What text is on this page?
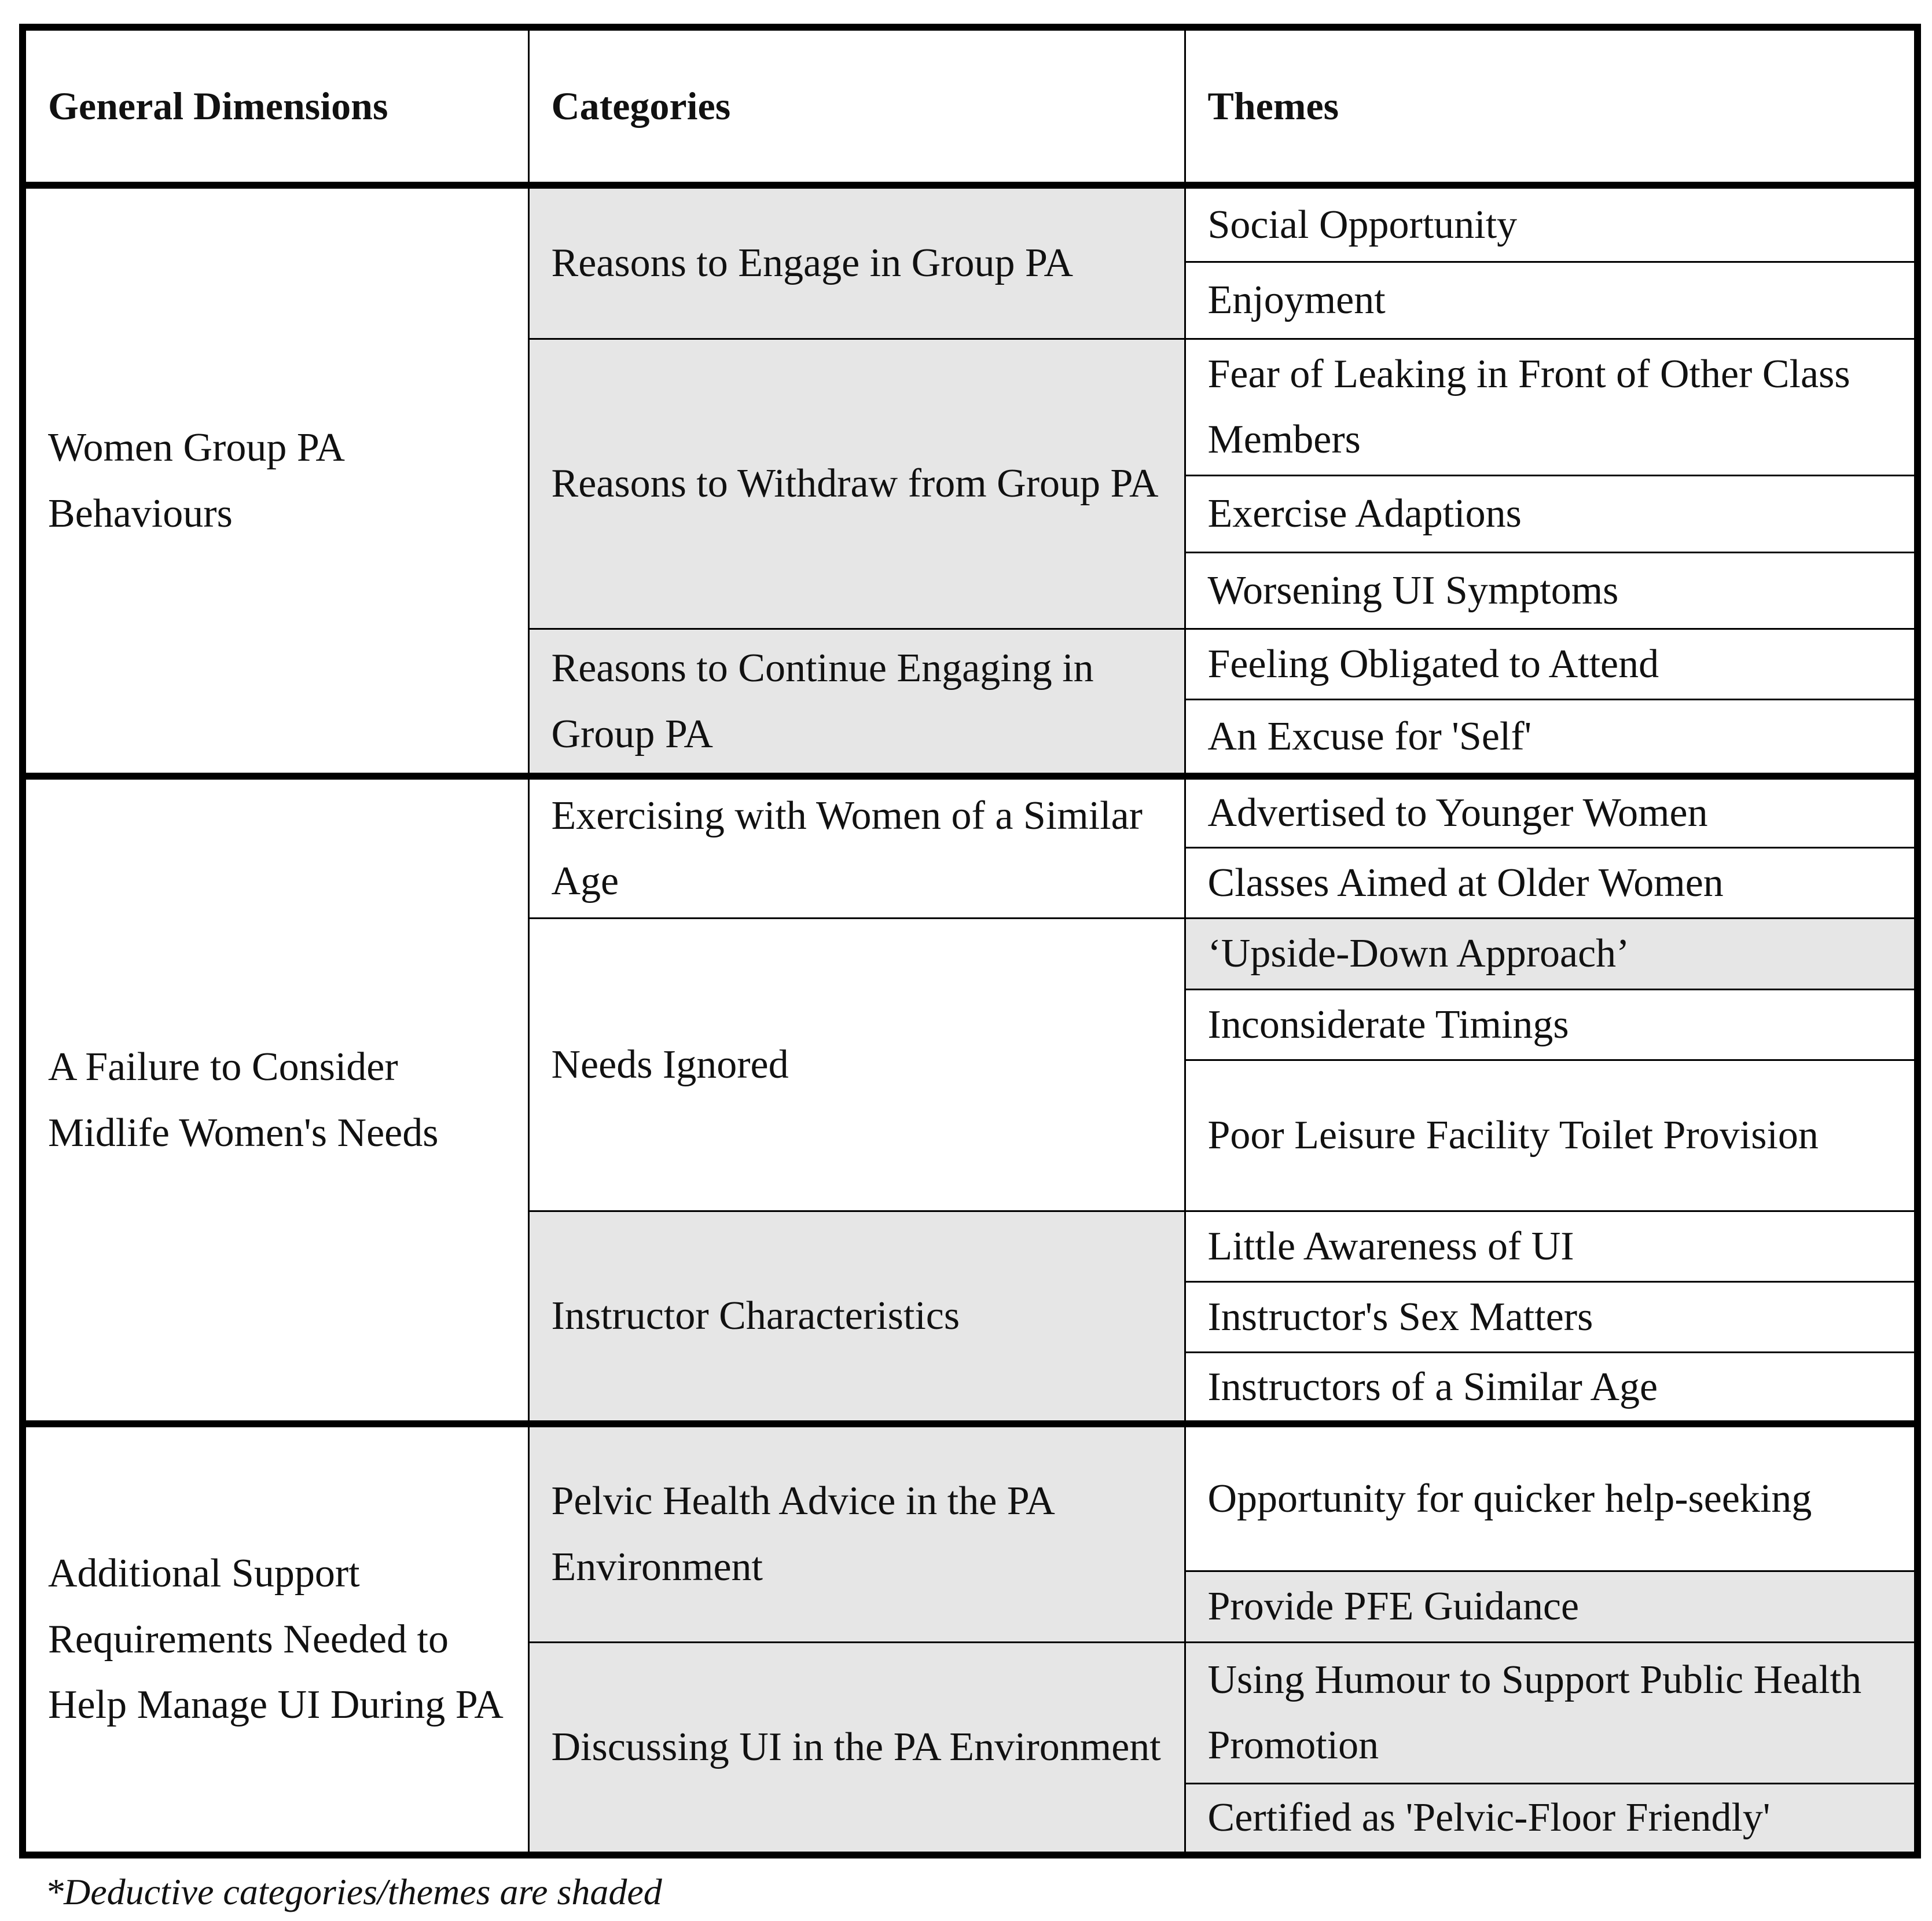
General Dimensions	Categories	Themes
Women Group PA Behaviours	Reasons to Engage in Group PA	Social Opportunity
		Enjoyment
	Reasons to Withdraw from Group PA	Fear of Leaking in Front of Other Class Members
		Exercise Adaptions
		Worsening UI Symptoms
	Reasons to Continue Engaging in Group PA	Feeling Obligated to Attend
		An Excuse for 'Self'
A Failure to Consider Midlife Women's Needs	Exercising with Women of a Similar Age	Advertised to Younger Women
		Classes Aimed at Older Women
	Needs Ignored	‘Upside-Down Approach’
		Inconsiderate Timings
		Poor Leisure Facility Toilet Provision
	Instructor Characteristics	Little Awareness of UI
		Instructor's Sex Matters
		Instructors of a Similar Age
Additional Support Requirements Needed to Help Manage UI During PA	Pelvic Health Advice in the PA Environment	Opportunity for quicker help-seeking
		Provide PFE Guidance
	Discussing UI in the PA Environment	Using Humour to Support Public Health Promotion
		Certified as 'Pelvic-Floor Friendly'
*Deductive categories/themes are shaded
